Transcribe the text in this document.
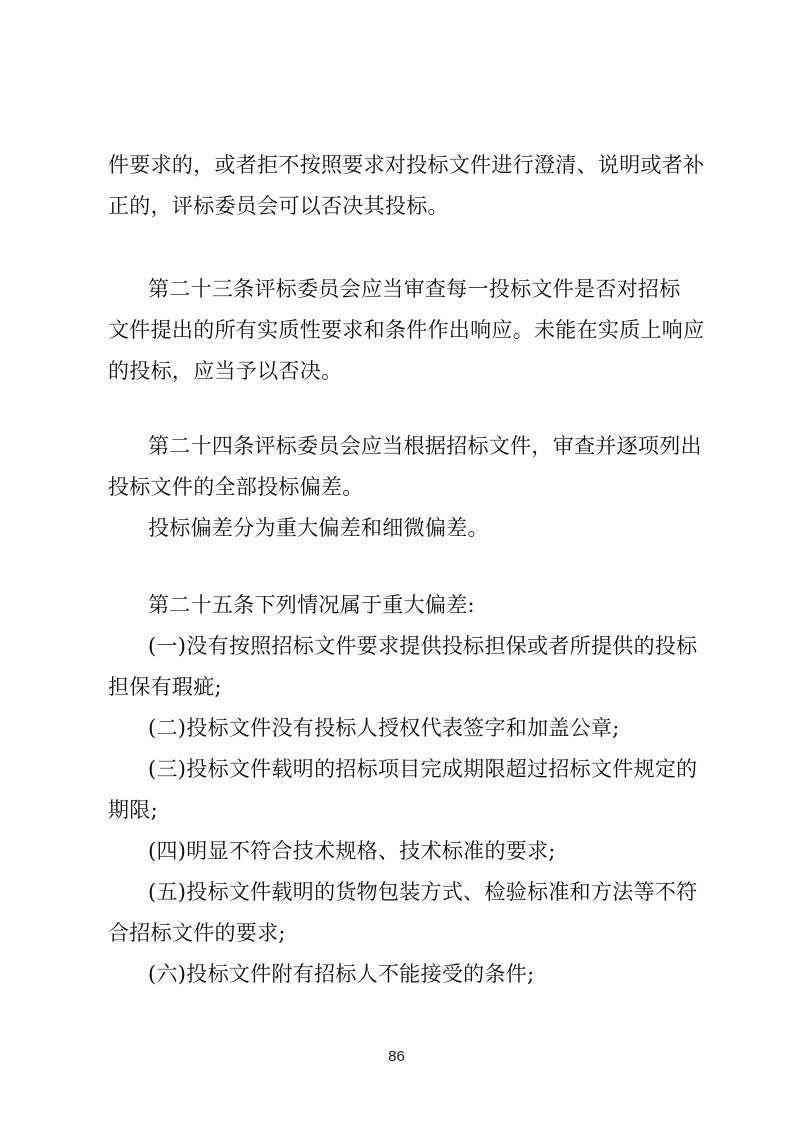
件要求的，或者拒不按照要求对投标文件进行澄清、说明或者补
正的，评标委员会可以否决其投标。
第二十三条评标委员会应当审查每一投标文件是否对招标
文件提出的所有实质性要求和条件作出响应。未能在实质上响应
的投标，应当予以否决。
第二十四条评标委员会应当根据招标文件，审查并逐项列出
投标文件的全部投标偏差。
投标偏差分为重大偏差和细微偏差。
第二十五条下列情况属于重大偏差:
(一)没有按照招标文件要求提供投标担保或者所提供的投标
担保有瑕疵;
(二)投标文件没有投标人授权代表签字和加盖公章;
(三)投标文件载明的招标项目完成期限超过招标文件规定的
期限;
(四)明显不符合技术规格、技术标准的要求;
(五)投标文件载明的货物包装方式、检验标准和方法等不符
合招标文件的要求;
(六)投标文件附有招标人不能接受的条件;
86
